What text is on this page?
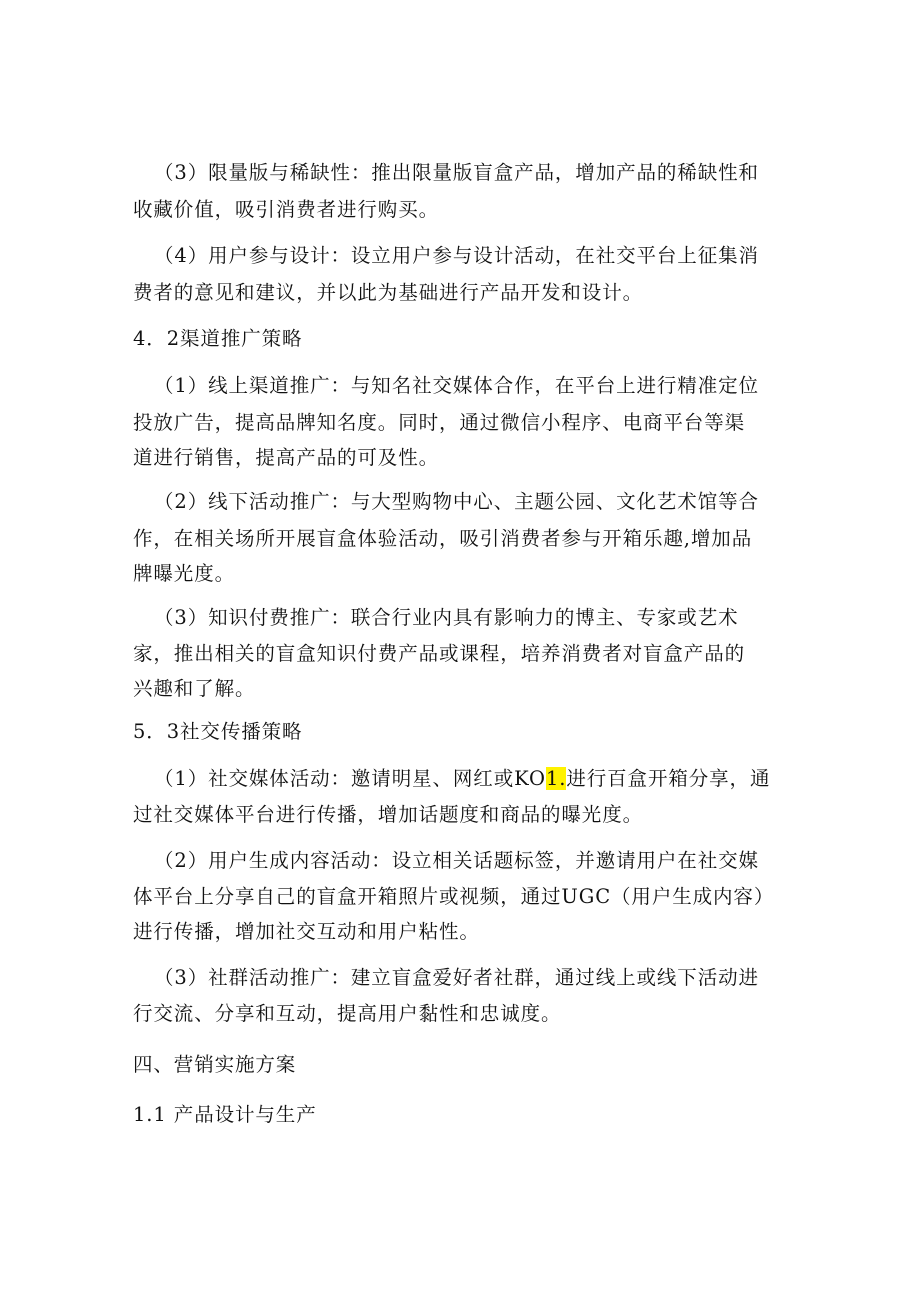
（3）限量版与稀缺性：推出限量版盲盒产品，增加产品的稀缺性和
收藏价值，吸引消费者进行购买。
（4）用户参与设计：设立用户参与设计活动，在社交平台上征集消
费者的意见和建议，并以此为基础进行产品开发和设计。
4．2渠道推广策略
（1）线上渠道推广：与知名社交媒体合作，在平台上进行精准定位
投放广告，提高品牌知名度。同时，通过微信小程序、电商平台等渠
道进行销售，提高产品的可及性。
（2）线下活动推广：与大型购物中心、主题公园、文化艺术馆等合
作，在相关场所开展盲盒体验活动，吸引消费者参与开箱乐趣,增加品
牌曝光度。
（3）知识付费推广：联合行业内具有影响力的博主、专家或艺术
家，推出相关的盲盒知识付费产品或课程，培养消费者对盲盒产品的
兴趣和了解。
5．3社交传播策略
（1）社交媒体活动：邀请明星、网红或KO1.进行百盒开箱分享，通
过社交媒体平台进行传播，增加话题度和商品的曝光度。
（2）用户生成内容活动：设立相关话题标签，并邀请用户在社交媒
体平台上分享自己的盲盒开箱照片或视频，通过UGC（用户生成内容）
进行传播，增加社交互动和用户粘性。
（3）社群活动推广：建立盲盒爱好者社群，通过线上或线下活动进
行交流、分享和互动，提高用户黏性和忠诚度。
四、营销实施方案
1.1 产品设计与生产
